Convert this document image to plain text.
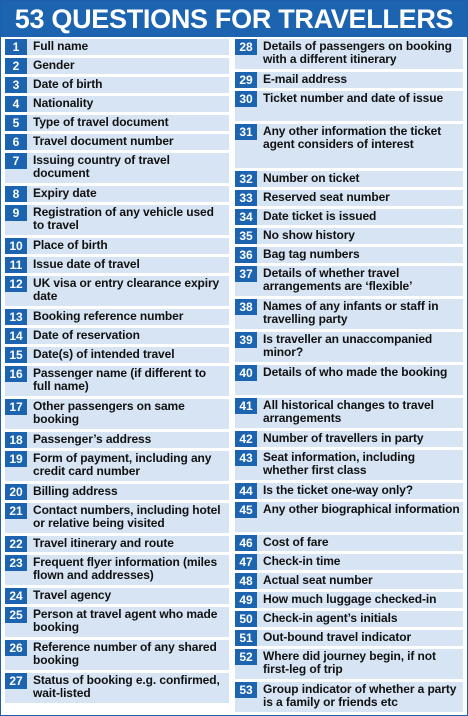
53 QUESTIONS FOR TRAVELLERS
1	Full name
2	Gender
3	Date of birth
4	Nationality
5	Type of travel document
6	Travel document number
7	Issuing country of travel document
8	Expiry date
9	Registration of any vehicle used to travel
10 Place of birth
11 Issue date of travel
12 UK visa or entry clearance expiry date
13 Booking reference number
14 Date of reservation
15 Date(s) of intended travel
16 Passenger name (if different to full name)
17 Other passengers on same booking
18 Passenger’s address
19 Form of payment, including any credit card number
20 Billing address
21 Contact numbers, including hotel or relative being visited
22 Travel itinerary and route
23 Frequent flyer information (miles flown and addresses)
24 Travel agency
25 Person at travel agent who made booking
26 Reference number of any shared booking
27 Status of booking e.g. confirmed, wait-listed
28 Details of passengers on booking with a different itinerary
29 E-mail address
30 Ticket number and date of issue
31 Any other information the ticket agent considers of interest
32 Number on ticket
33 Reserved seat number
34 Date ticket is issued
35 No show history
36 Bag tag numbers
37 Details of whether travel arrangements are ‘flexible’
38 Names of any infants or staff in travelling party
39 Is traveller an unaccompanied minor?
40 Details of who made the booking
41 All historical changes to travel arrangements
42 Number of travellers in party
43 Seat information, including whether first class
44 Is the ticket one-way only?
45 Any other biographical information
46 Cost of fare
47 Check-in time
48 Actual seat number
49 How much luggage checked-in
50 Check-in agent’s initials
51 Out-bound travel indicator
52 Where did journey begin, if not first-leg of trip
53 Group indicator of whether a party is a family or friends etc
